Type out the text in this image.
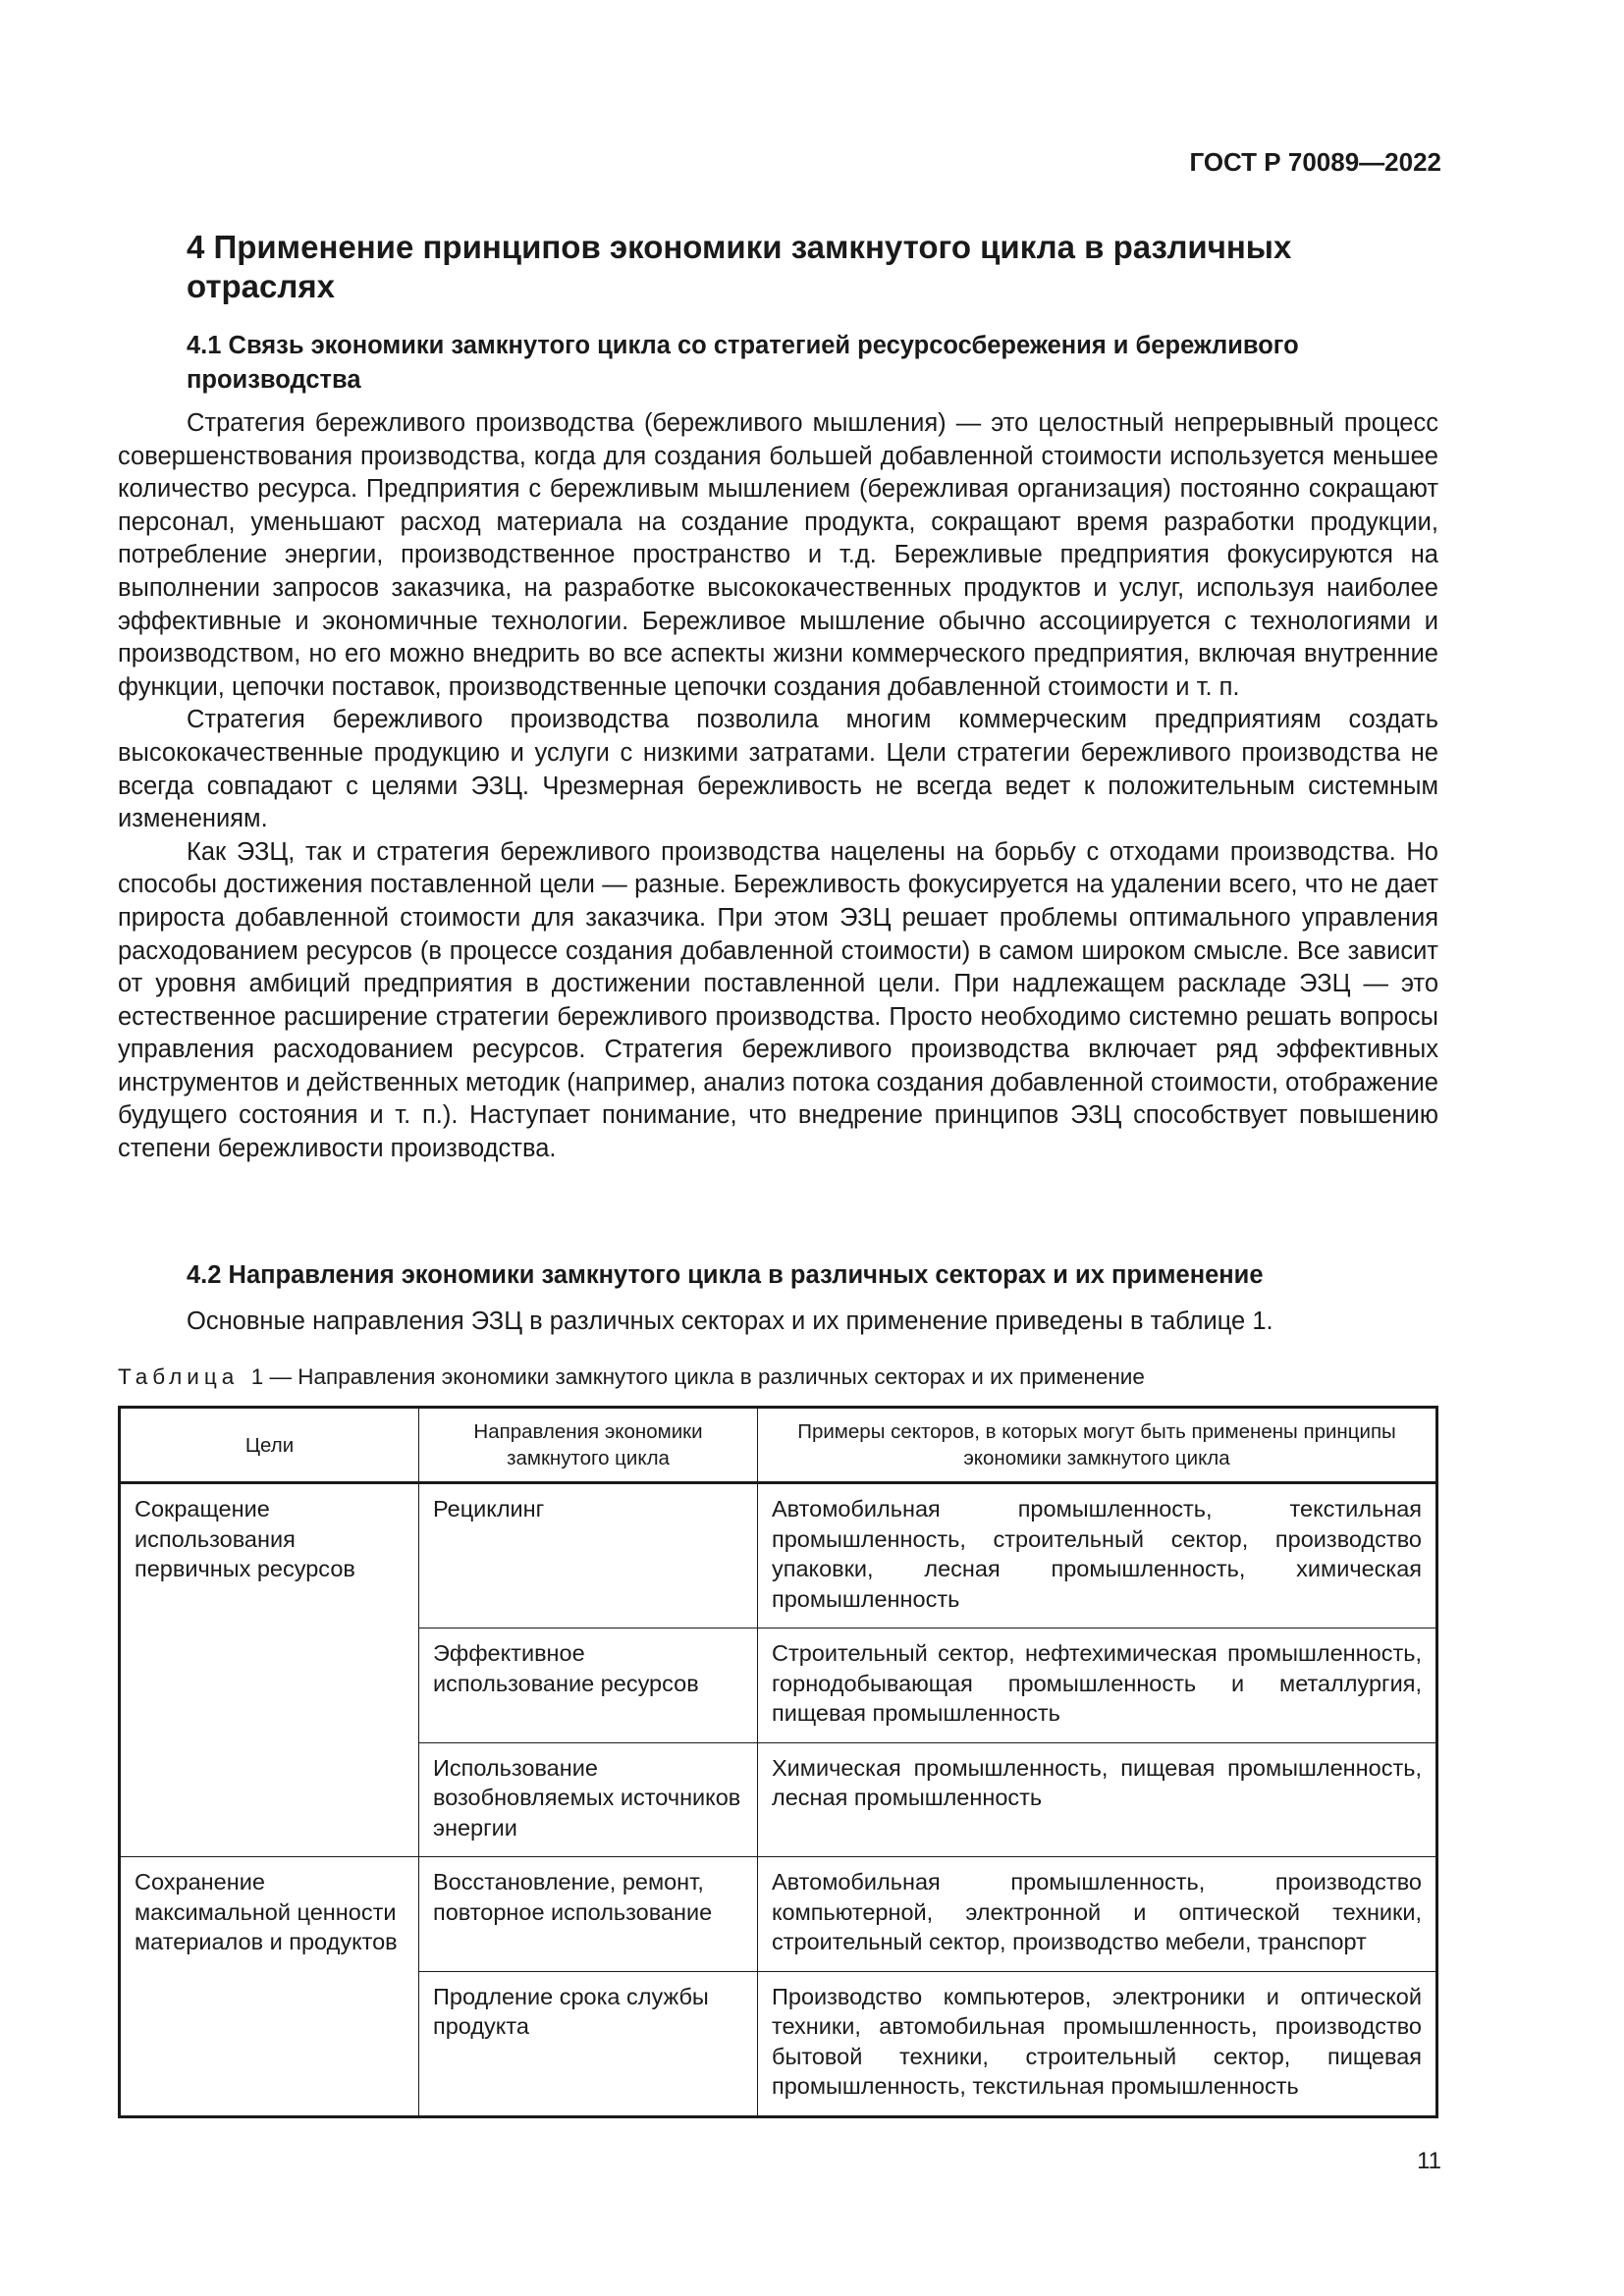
ГОСТ Р 70089—2022
4 Применение принципов экономики замкнутого цикла в различных отраслях
4.1 Связь экономики замкнутого цикла со стратегией ресурсосбережения и бережливого производства

Стратегия бережливого производства (бережливого мышления) — это целостный непрерывный процесс совершенствования производства, когда для создания большей добавленной стоимости используется меньшее количество ресурса. Предприятия с бережливым мышлением (бережливая организация) постоянно сокращают персонал, уменьшают расход материала на создание продукта, сокращают время разработки продукции, потребление энергии, производственное пространство и т.д. Бережливые предприятия фокусируются на выполнении запросов заказчика, на разработке высококачественных продуктов и услуг, используя наиболее эффективные и экономичные технологии. Бережливое мышление обычно ассоциируется с технологиями и производством, но его можно внедрить во все аспекты жизни коммерческого предприятия, включая внутренние функции, цепочки поставок, производственные цепочки создания добавленной стоимости и т. п.

Стратегия бережливого производства позволила многим коммерческим предприятиям создать высококачественные продукцию и услуги с низкими затратами. Цели стратегии бережливого производства не всегда совпадают с целями ЭЗЦ. Чрезмерная бережливость не всегда ведет к положительным системным изменениям.

Как ЭЗЦ, так и стратегия бережливого производства нацелены на борьбу с отходами производства. Но способы достижения поставленной цели — разные. Бережливость фокусируется на удалении всего, что не дает прироста добавленной стоимости для заказчика. При этом ЭЗЦ решает проблемы оптимального управления расходованием ресурсов (в процессе создания добавленной стоимости) в самом широком смысле. Все зависит от уровня амбиций предприятия в достижении поставленной цели. При надлежащем раскладе ЭЗЦ — это естественное расширение стратегии бережливого производства. Просто необходимо системно решать вопросы управления расходованием ресурсов. Стратегия бережливого производства включает ряд эффективных инструментов и действенных методик (например, анализ потока создания добавленной стоимости, отображение будущего состояния и т. п.). Наступает понимание, что внедрение принципов ЭЗЦ способствует повышению степени бережливости производства.

4.2 Направления экономики замкнутого цикла в различных секторах и их применение

Основные направления ЭЗЦ в различных секторах и их применение приведены в таблице 1.

Таблица 1 — Направления экономики замкнутого цикла в различных секторах и их применение
Цели	Направления экономики замкнутого цикла	Примеры секторов, в которых могут быть применены принципы экономики замкнутого цикла
Сокращение использования первичных ресурсов	Рециклинг	Автомобильная промышленность, текстильная промышленность, строительный сектор, производство упаковки, лесная промышленность, химическая промышленность
	Эффективное использование ресурсов	Строительный сектор, нефтехимическая промышленность, горнодобывающая промышленность и металлургия, пищевая промышленность
	Использование возобновляемых источников энергии	Химическая промышленность, пищевая промышленность, лесная промышленность
Сохранение максимальной ценности материалов и продуктов	Восстановление, ремонт, повторное использование	Автомобильная промышленность, производство компьютерной, электронной и оптической техники, строительный сектор, производство мебели, транспорт
	Продление срока службы продукта	Производство компьютеров, электроники и оптической техники, автомобильная промышленность, производство бытовой техники, строительный сектор, пищевая промышленность, текстильная промышленность
11
